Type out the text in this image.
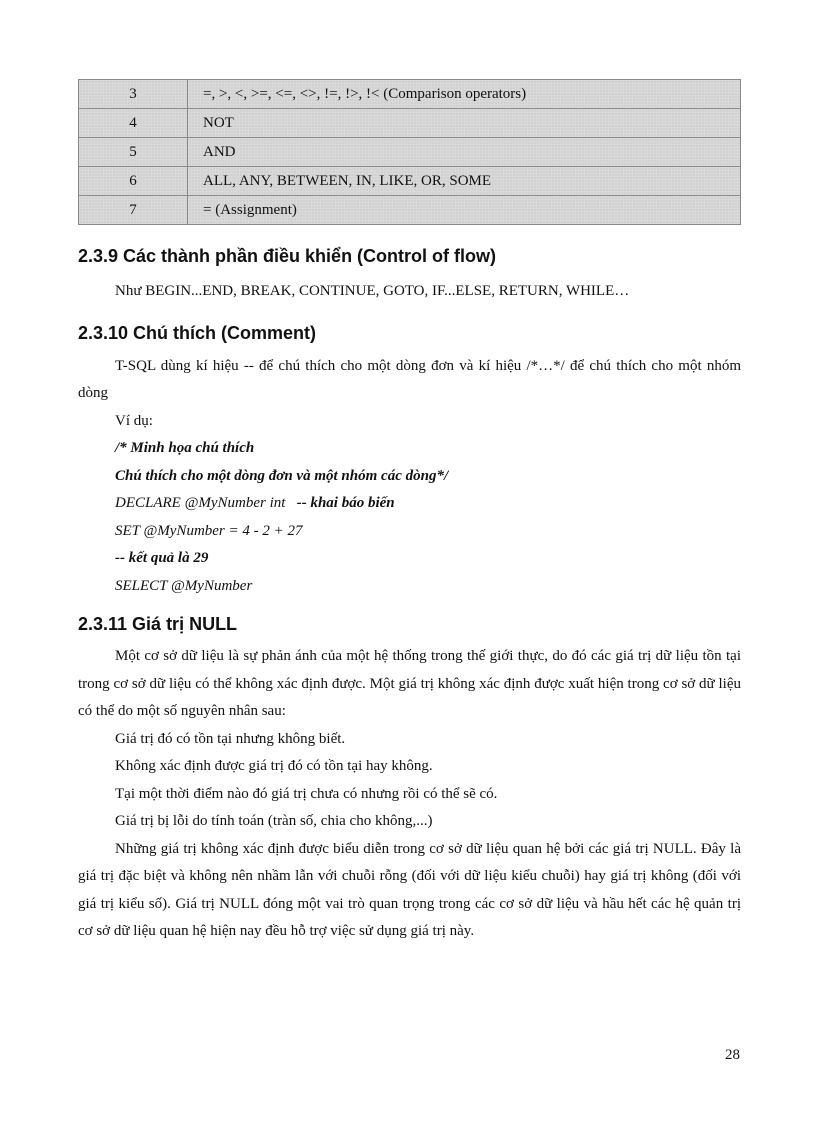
3	=, >, <, >=, <=, <>, !=, !>, !< (Comparison operators)
4	NOT
5	AND
6	ALL, ANY, BETWEEN, IN, LIKE, OR, SOME
7	= (Assignment)
2.3.9 Các thành phần điều khiển (Control of flow)

Như BEGIN...END, BREAK, CONTINUE, GOTO, IF...ELSE, RETURN, WHILE…

2.3.10 Chú thích (Comment)

T-SQL dùng kí hiệu -- để chú thích cho một dòng đơn và kí hiệu /*…*/ để chú thích cho một nhóm dòng

Ví dụ:

/* Minh họa chú thích

Chú thích cho một dòng đơn và một nhóm các dòng*/

DECLARE @MyNumber int -- khai báo biến

SET @MyNumber = 4 - 2 + 27

-- kết quả là 29

SELECT @MyNumber

2.3.11 Giá trị NULL

Một cơ sở dữ liệu là sự phản ánh của một hệ thống trong thế giới thực, do đó các giá trị dữ liệu tồn tại trong cơ sở dữ liệu có thể không xác định được. Một giá trị không xác định được xuất hiện trong cơ sở dữ liệu có thể do một số nguyên nhân sau:

Giá trị đó có tồn tại nhưng không biết.

Không xác định được giá trị đó có tồn tại hay không.

Tại một thời điểm nào đó giá trị chưa có nhưng rồi có thể sẽ có.

Giá trị bị lỗi do tính toán (tràn số, chia cho không,...)

Những giá trị không xác định được biểu diễn trong cơ sở dữ liệu quan hệ bởi các giá trị NULL. Đây là giá trị đặc biệt và không nên nhầm lẫn với chuỗi rỗng (đối với dữ liệu kiểu chuỗi) hay giá trị không (đối với giá trị kiểu số). Giá trị NULL đóng một vai trò quan trọng trong các cơ sở dữ liệu và hầu hết các hệ quản trị cơ sở dữ liệu quan hệ hiện nay đều hỗ trợ việc sử dụng giá trị này.

28
